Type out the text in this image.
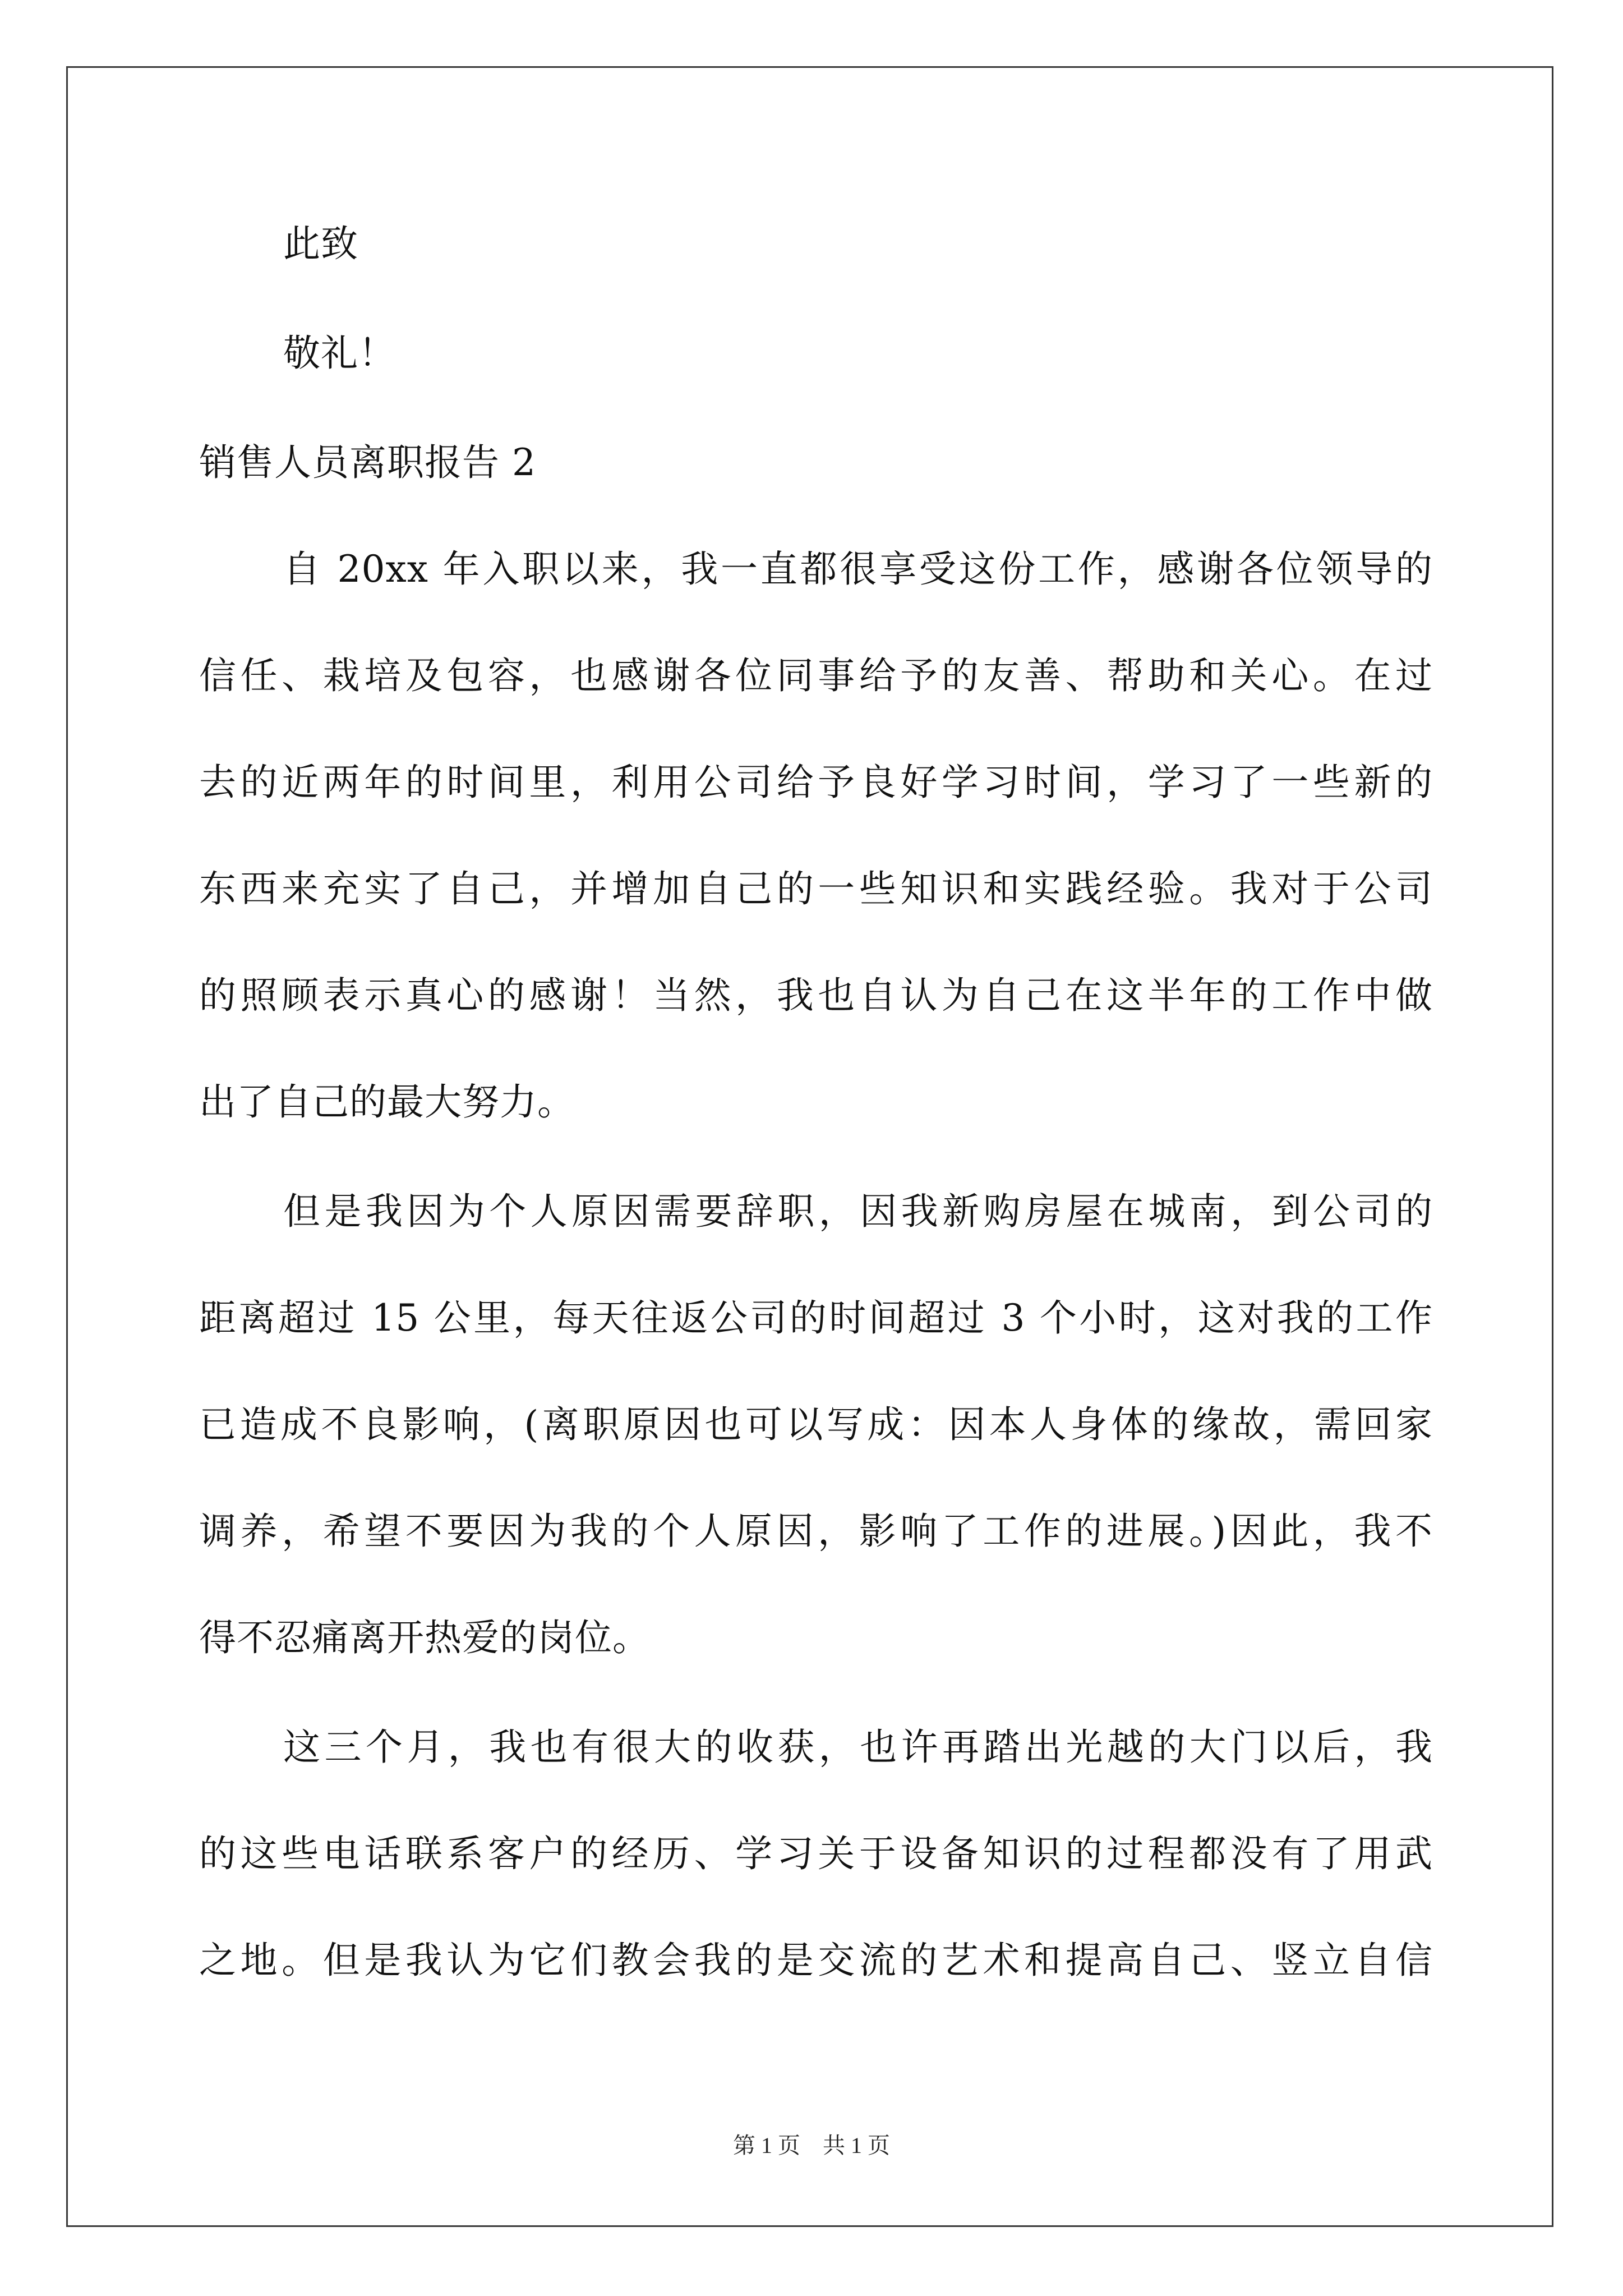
此致
敬礼！
销售人员离职报告 2
自 20xx 年入职以来，我一直都很享受这份工作，感谢各位领导的
信任、栽培及包容，也感谢各位同事给予的友善、帮助和关心。在过
去的近两年的时间里，利用公司给予良好学习时间，学习了一些新的
东西来充实了自己，并增加自己的一些知识和实践经验。我对于公司
的照顾表示真心的感谢！当然，我也自认为自己在这半年的工作中做
出了自己的最大努力。
但是我因为个人原因需要辞职，因我新购房屋在城南，到公司的
距离超过 15 公里，每天往返公司的时间超过 3 个小时，这对我的工作
已造成不良影响，(离职原因也可以写成：因本人身体的缘故，需回家
调养，希望不要因为我的个人原因，影响了工作的进展。)因此，我不
得不忍痛离开热爱的岗位。
这三个月，我也有很大的收获，也许再踏出光越的大门以后，我
的这些电话联系客户的经历、学习关于设备知识的过程都没有了用武
之地。但是我认为它们教会我的是交流的艺术和提高自己、竖立自信
第 1 页　共 1 页
